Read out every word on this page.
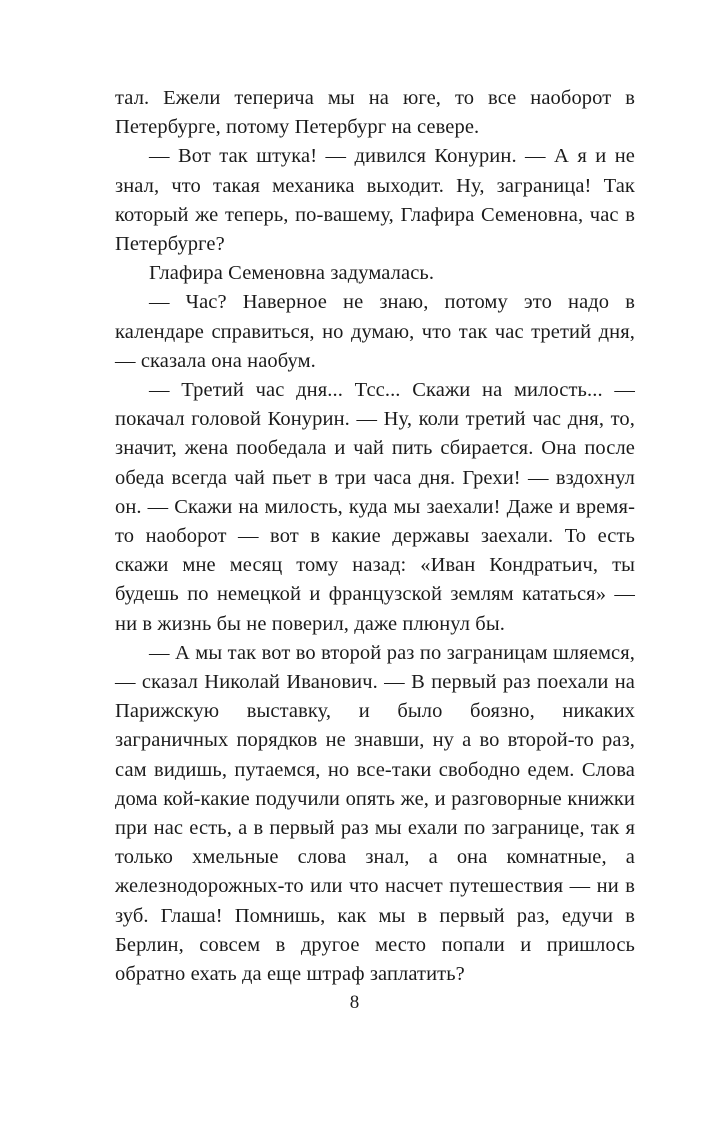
тал. Ежели теперича мы на юге, то все наоборот в Петербурге, потому Петербург на севере.

— Вот так штука! — дивился Конурин. — А я и не знал, что такая механика выходит. Ну, заграница! Так который же теперь, по-вашему, Глафира Семеновна, час в Петербурге?

Глафира Семеновна задумалась.

— Час? Наверное не знаю, потому это надо в календаре справиться, но думаю, что так час третий дня, — сказала она наобум.

— Третий час дня... Тсс... Скажи на милость... — покачал головой Конурин. — Ну, коли третий час дня, то, значит, жена пообедала и чай пить сбирается. Она после обеда всегда чай пьет в три часа дня. Грехи! — вздохнул он. — Скажи на милость, куда мы заехали! Даже и время-то наоборот — вот в какие державы заехали. То есть скажи мне месяц тому назад: «Иван Кондратьич, ты будешь по немецкой и французской землям кататься» — ни в жизнь бы не поверил, даже плюнул бы.

— А мы так вот во второй раз по заграницам шляемся, — сказал Николай Иванович. — В первый раз поехали на Парижскую выставку, и было боязно, никаких заграничных порядков не знавши, ну а во второй-то раз, сам видишь, путаемся, но все-таки свободно едем. Слова дома кой-какие подучили опять же, и разговорные книжки при нас есть, а в первый раз мы ехали по загранице, так я только хмельные слова знал, а она комнатные, а железнодорожных-то или что насчет путешествия — ни в зуб. Глаша! Помнишь, как мы в первый раз, едучи в Берлин, совсем в другое место попали и пришлось обратно ехать да еще штраф заплатить?

8
